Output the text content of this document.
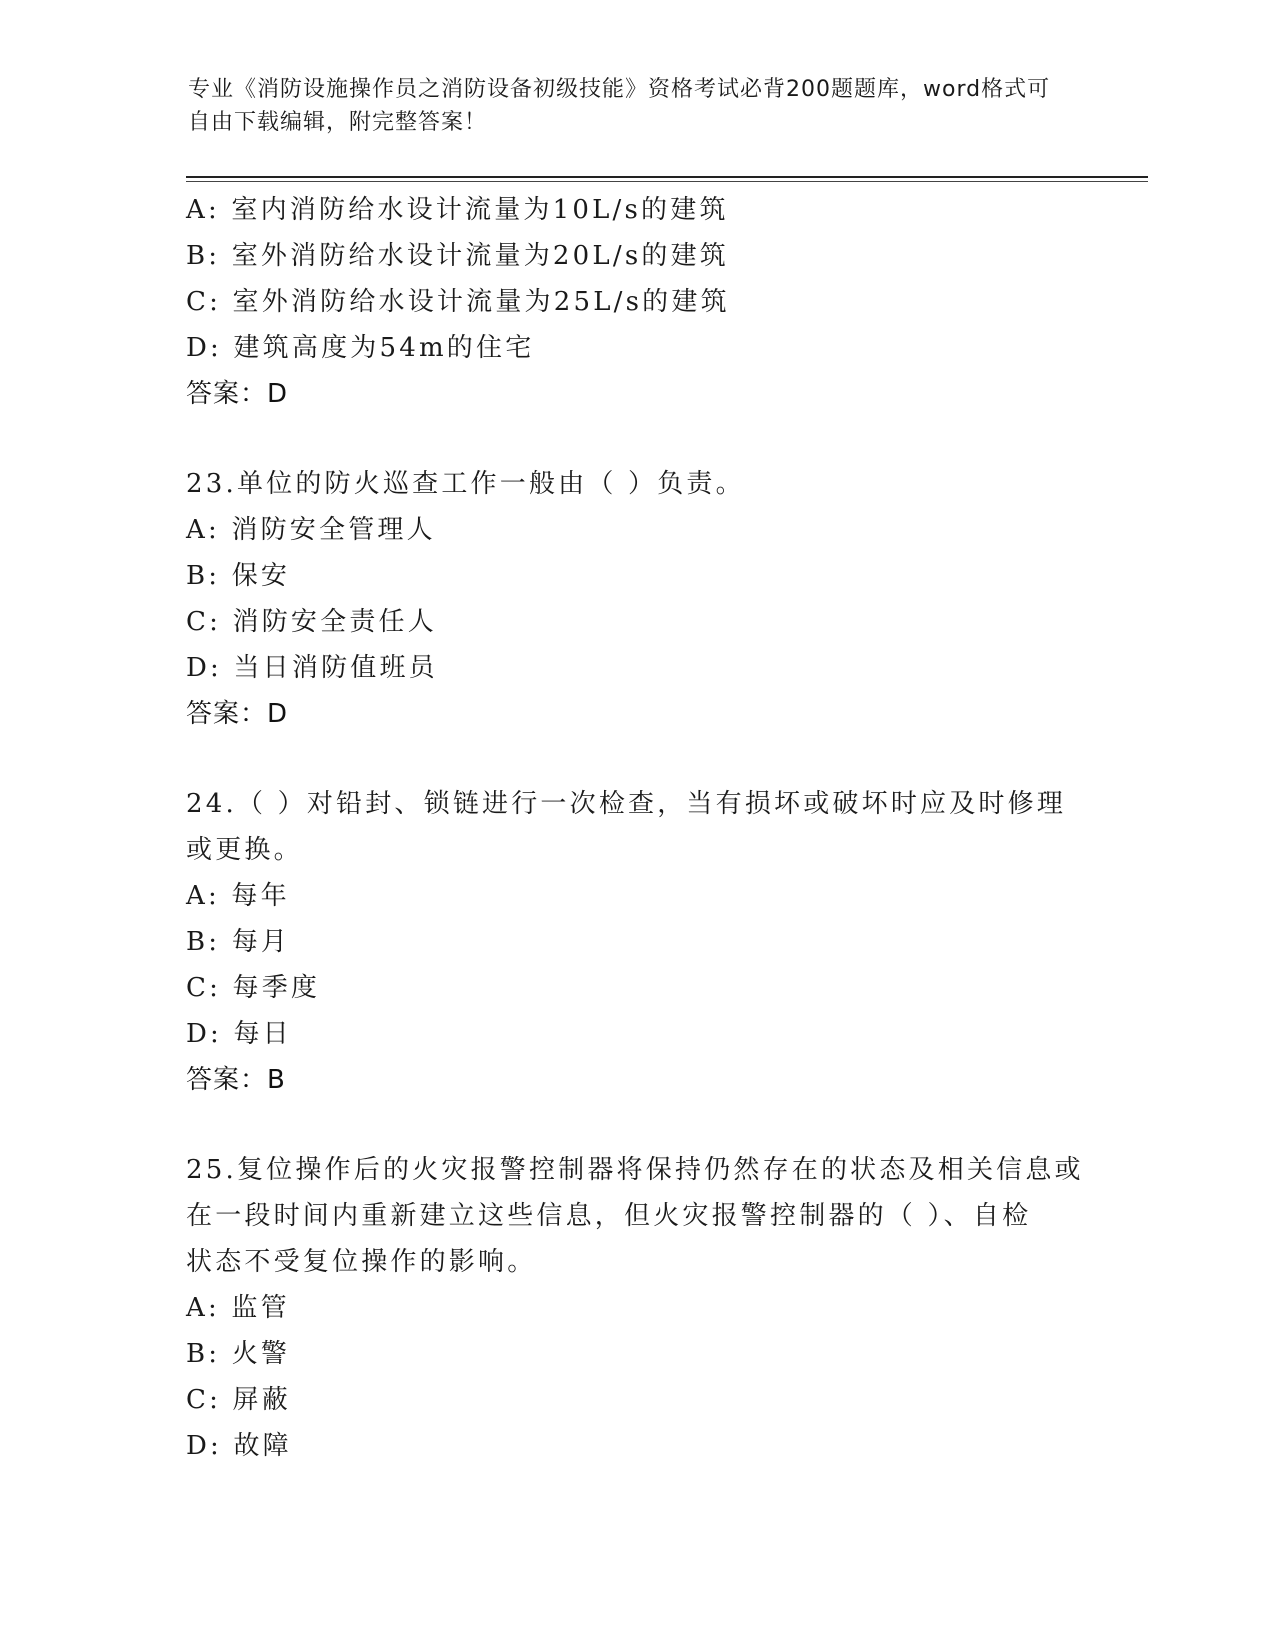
专业《消防设施操作员之消防设备初级技能》资格考试必背200题题库，word格式可自由下载编辑，附完整答案！
A: 室内消防给水设计流量为10L/s的建筑
B: 室外消防给水设计流量为20L/s的建筑
C: 室外消防给水设计流量为25L/s的建筑
D: 建筑高度为54m的住宅
答案：D
23.单位的防火巡查工作一般由（ ）负责。
A: 消防安全管理人
B: 保安
C: 消防安全责任人
D: 当日消防值班员
答案：D
24.（ ）对铅封、锁链进行一次检查，当有损坏或破坏时应及时修理
或更换。
A: 每年
B: 每月
C: 每季度
D: 每日
答案：B
25.复位操作后的火灾报警控制器将保持仍然存在的状态及相关信息或
在一段时间内重新建立这些信息，但火灾报警控制器的（ ）、自检
状态不受复位操作的影响。
A: 监管
B: 火警
C: 屏蔽
D: 故障
